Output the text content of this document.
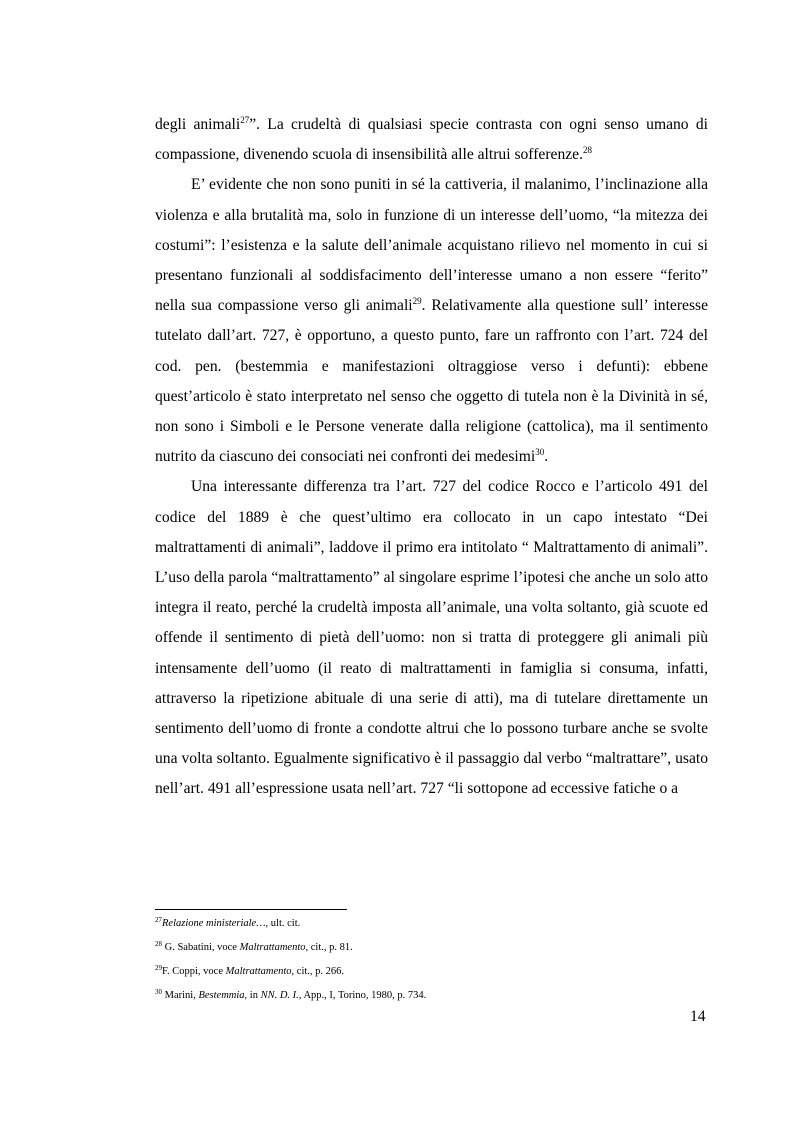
degli animali$^{27}$”. La crudeltà di qualsiasi specie contrasta con ogni senso umano di compassione, divenendo scuola di insensibilità alle altrui sofferenze.$^{28}$

E’ evidente che non sono puniti in sé la cattiveria, il malanimo, l’inclinazione alla violenza e alla brutalità ma, solo in funzione di un interesse dell’uomo, “la mitezza dei costumi”: l’esistenza e la salute dell’animale acquistano rilievo nel momento in cui si presentano funzionali al soddisfacimento dell’interesse umano a non essere “ferito” nella sua compassione verso gli animali$^{29}$. Relativamente alla questione sull’ interesse tutelato dall’art. 727, è opportuno, a questo punto, fare un raffronto con l’art. 724 del cod. pen. (bestemmia e manifestazioni oltraggiose verso i defunti): ebbene quest’articolo è stato interpretato nel senso che oggetto di tutela non è la Divinità in sé, non sono i Simboli e le Persone venerate dalla religione (cattolica), ma il sentimento nutrito da ciascuno dei consociati nei confronti dei medesimi$^{30}$.

Una interessante differenza tra l’art. 727 del codice Rocco e l’articolo 491 del codice del 1889 è che quest’ultimo era collocato in un capo intestato “Dei maltrattamenti di animali”, laddove il primo era intitolato “ Maltrattamento di animali”. L’uso della parola “maltrattamento” al singolare esprime l’ipotesi che anche un solo atto integra il reato, perché la crudeltà imposta all’animale, una volta soltanto, già scuote ed offende il sentimento di pietà dell’uomo: non si tratta di proteggere gli animali più intensamente dell’uomo (il reato di maltrattamenti in famiglia si consuma, infatti, attraverso la ripetizione abituale di una serie di atti), ma di tutelare direttamente un sentimento dell’uomo di fronte a condotte altrui che lo possono turbare anche se svolte una volta soltanto. Egualmente significativo è il passaggio dal verbo “maltrattare”, usato nell’art. 491 all’espressione usata nell’art. 727 “li sottopone ad eccessive fatiche o a

$^{27}$Relazione ministeriale…, ult. cit.
$^{28}$ G. Sabatini, voce Maltrattamento, cit., p. 81.
$^{29}$F. Coppi, voce Maltrattamento, cit., p. 266.
$^{30}$ Marini, Bestemmia, in NN. D. I., App., I, Torino, 1980, p. 734.
14
